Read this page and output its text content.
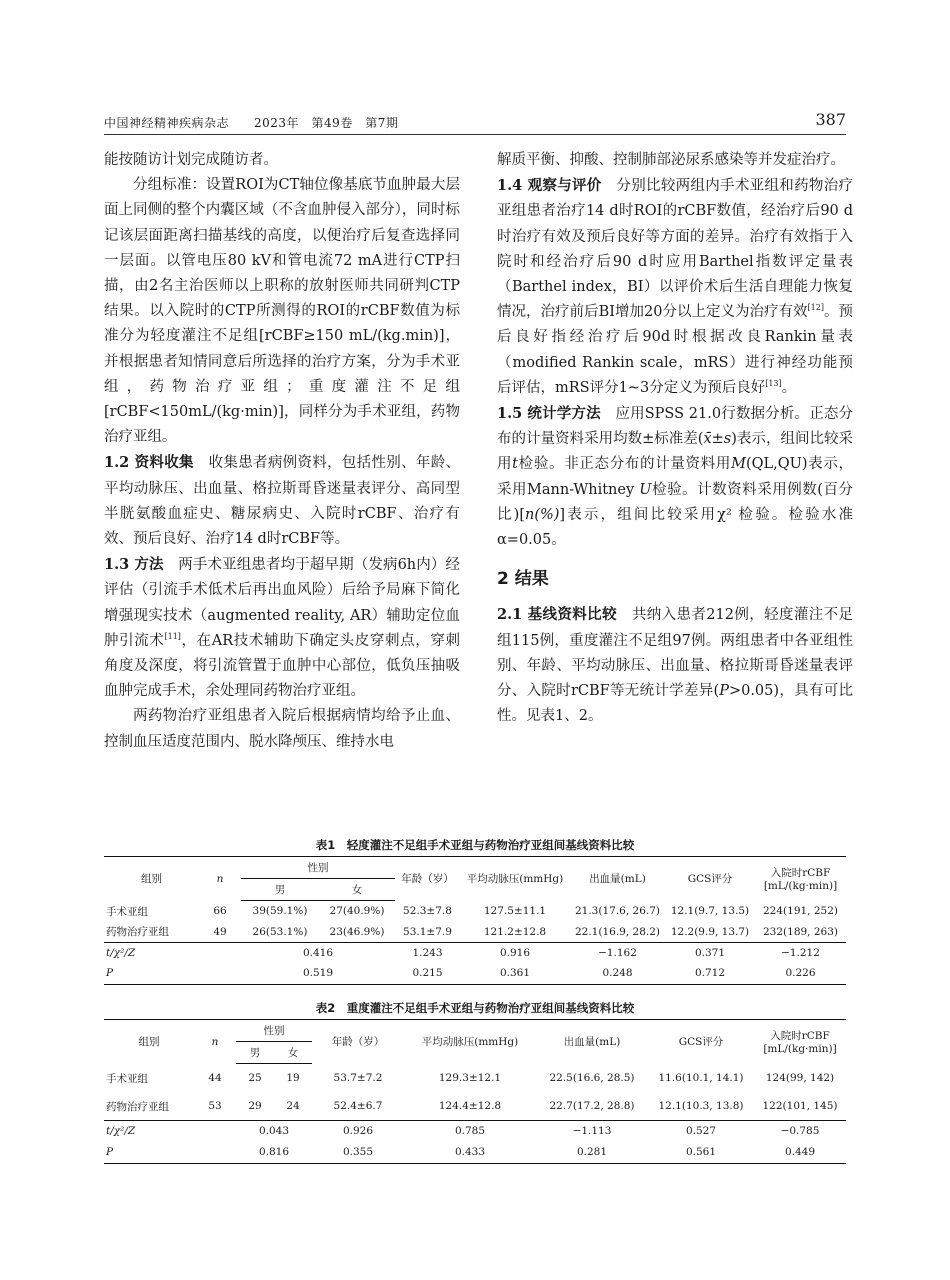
中国神经精神疾病杂志　　2023年　第49卷　第7期	387

能按随访计划完成随访者。

分组标准：设置ROI为CT轴位像基底节血肿最大层面上同侧的整个内囊区域（不含血肿侵入部分），同时标记该层面距离扫描基线的高度，以便治疗后复查选择同一层面。以管电压80 kV和管电流72 mA进行CTP扫描，由2名主治医师以上职称的放射医师共同研判CTP结果。以入院时的CTP所测得的ROI的rCBF数值为标准分为轻度灌注不足组[rCBF≥150 mL/(kg.min)]，并根据患者知情同意后所选择的治疗方案，分为手术亚组，药物治疗亚组；重度灌注不足组[rCBF<150mL/(kg·min)]，同样分为手术亚组，药物治疗亚组。

1.2 资料收集　 收集患者病例资料，包括性别、年龄、平均动脉压、出血量、格拉斯哥昏迷量表评分、高同型半胱氨酸血症史、糖尿病史、入院时rCBF、治疗有效、预后良好、治疗14 d时rCBF等。

1.3 方法　 两手术亚组患者均于超早期（发病6h内）经评估（引流手术低术后再出血风险）后给予局麻下简化增强现实技术（augmented reality, AR）辅助定位血肿引流术[11]，在AR技术辅助下确定头皮穿刺点，穿刺角度及深度，将引流管置于血肿中心部位，低负压抽吸血肿完成手术，余处理同药物治疗亚组。

两药物治疗亚组患者入院后根据病情均给予止血、控制血压适度范围内、脱水降颅压、维持水电

解质平衡、抑酸、控制肺部泌尿系感染等并发症治疗。

1.4 观察与评价　 分别比较两组内手术亚组和药物治疗亚组患者治疗14 d时ROI的rCBF数值，经治疗后90 d时治疗有效及预后良好等方面的差异。治疗有效指于入院时和经治疗后90 d时应用Barthel指数评定量表（Barthel index，BI）以评价术后生活自理能力恢复情况，治疗前后BI增加20分以上定义为治疗有效[12]。预后良好指经治疗后90d时根据改良Rankin量表（modified Rankin scale，mRS）进行神经功能预后评估，mRS评分1~3分定义为预后良好[13]。

1.5 统计学方法　 应用SPSS 21.0行数据分析。正态分布的计量资料采用均数±标准差(x̄±s)表示，组间比较采用t检验。非正态分布的计量资料用M(QL,QU)表示，采用Mann-Whitney U检验。计数资料采用例数(百分比)[n(%)]表示，组间比较采用χ² 检验。检验水准α=0.05。

2 结果

2.1 基线资料比较　 共纳入患者212例，轻度灌注不足组115例，重度灌注不足组97例。两组患者中各亚组性别、年龄、平均动脉压、出血量、格拉斯哥昏迷量表评分、入院时rCBF等无统计学差异(P>0.05)，具有可比性。见表1、2。

表1　轻度灌注不足组手术亚组与药物治疗亚组间基线资料比较
组别	n	性别		年龄（岁）	平均动脉压(mmHg)	出血量(mL)	GCS评分	入院时rCBF
[mL/(kg·min)]

		男	女					
手术亚组	66	39(59.1%)	27(40.9%)	52.3±7.8	127.5±11.1	21.3(17.6, 26.7)	12.1(9.7, 13.5)	224(191, 252)
药物治疗亚组	49	26(53.1%)	23(46.9%)	53.1±7.9	121.2±12.8	22.1(16.9, 28.2)	12.2(9.9, 13.7)	232(189, 263)
t/χ²/Z		0.416		1.243	0.916	−1.162	0.371	−1.212
P		0.519		0.215	0.361	0.248	0.712	0.226
表2　重度灌注不足组手术亚组与药物治疗亚组间基线资料比较
组别	n	性别		年龄（岁）	平均动脉压(mmHg)	出血量(mL)	GCS评分	入院时rCBF
[mL/(kg·min)]

		男	女					
手术亚组	44	25	19	53.7±7.2	129.3±12.1	22.5(16.6, 28.5)	11.6(10.1, 14.1)	124(99, 142)
药物治疗亚组	53	29	24	52.4±6.7	124.4±12.8	22.7(17.2, 28.8)	12.1(10.3, 13.8)	122(101, 145)
t/χ²/Z		0.043		0.926	0.785	−1.113	0.527	−0.785
P		0.816		0.355	0.433	0.281	0.561	0.449
